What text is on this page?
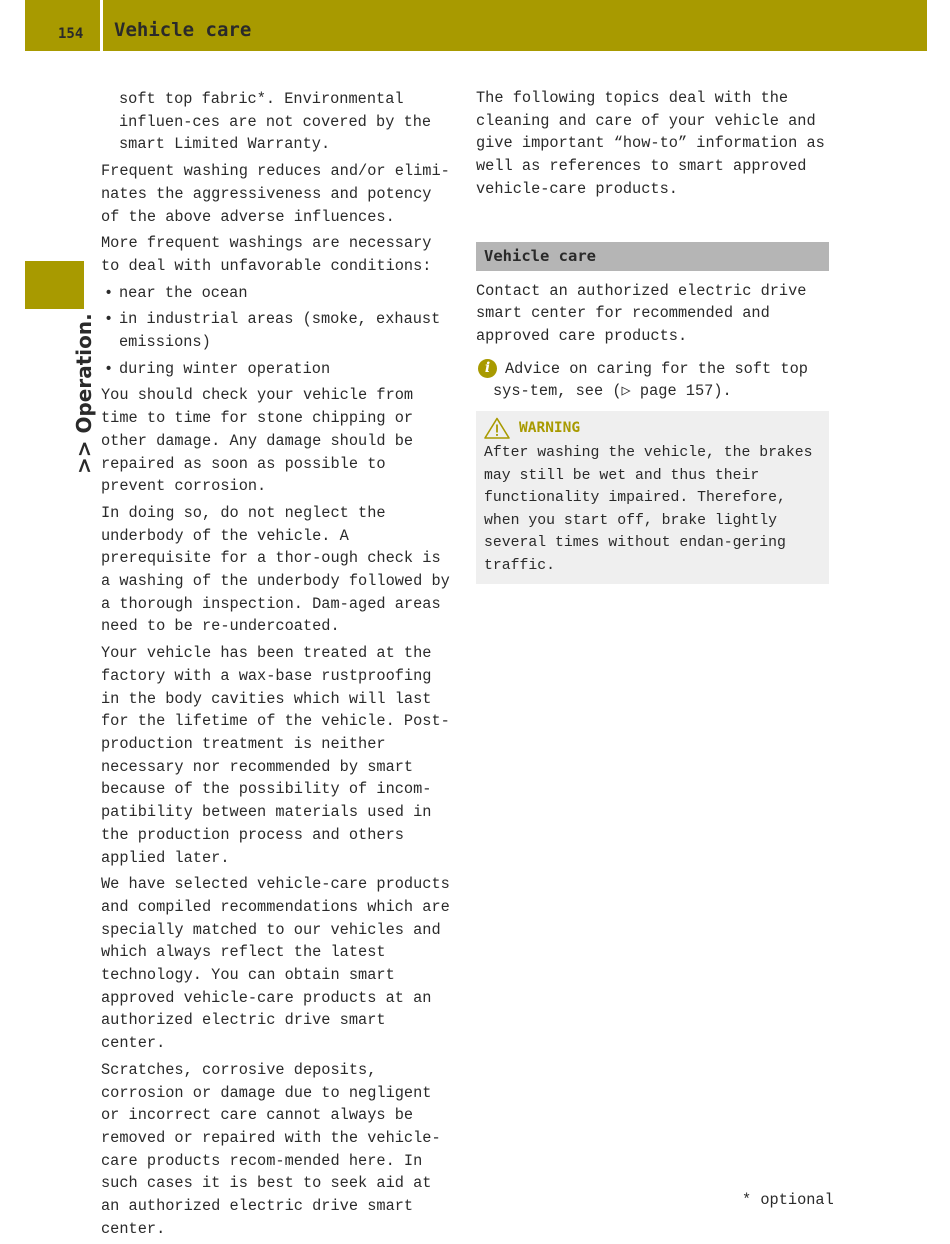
154 Vehicle care
>> Operation.

soft top fabric*. Environmental influen-ces are not covered by the smart Limited Warranty.

Frequent washing reduces and/or elimi-nates the aggressiveness and potency of the above adverse influences.

More frequent washings are necessary to deal with unfavorable conditions:

• near the ocean
• in industrial areas (smoke, exhaust emissions)
• during winter operation

You should check your vehicle from time to time for stone chipping or other damage. Any damage should be repaired as soon as possible to prevent corrosion.

In doing so, do not neglect the underbody of the vehicle. A prerequisite for a thor-ough check is a washing of the underbody followed by a thorough inspection. Dam-aged areas need to be re-undercoated.

Your vehicle has been treated at the factory with a wax-base rustproofing in the body cavities which will last for the lifetime of the vehicle. Post-production treatment is neither necessary nor recommended by smart because of the possibility of incom-patibility between materials used in the production process and others applied later.

We have selected vehicle-care products and compiled recommendations which are specially matched to our vehicles and which always reflect the latest technology. You can obtain smart approved vehicle-care products at an authorized electric drive smart center.

Scratches, corrosive deposits, corrosion or damage due to negligent or incorrect care cannot always be removed or repaired with the vehicle-care products recom-mended here. In such cases it is best to seek aid at an authorized electric drive smart center.

The following topics deal with the cleaning and care of your vehicle and give important “how-to” information as well as references to smart approved vehicle-care products.

Vehicle care

Contact an authorized electric drive smart center for recommended and approved care products.

i Advice on caring for the soft top sys-tem, see (▷ page 157).
WARNING
After washing the vehicle, the brakes may still be wet and thus their functionality impaired. Therefore, when you start off, brake lightly several times without endan-gering traffic.
* optional
